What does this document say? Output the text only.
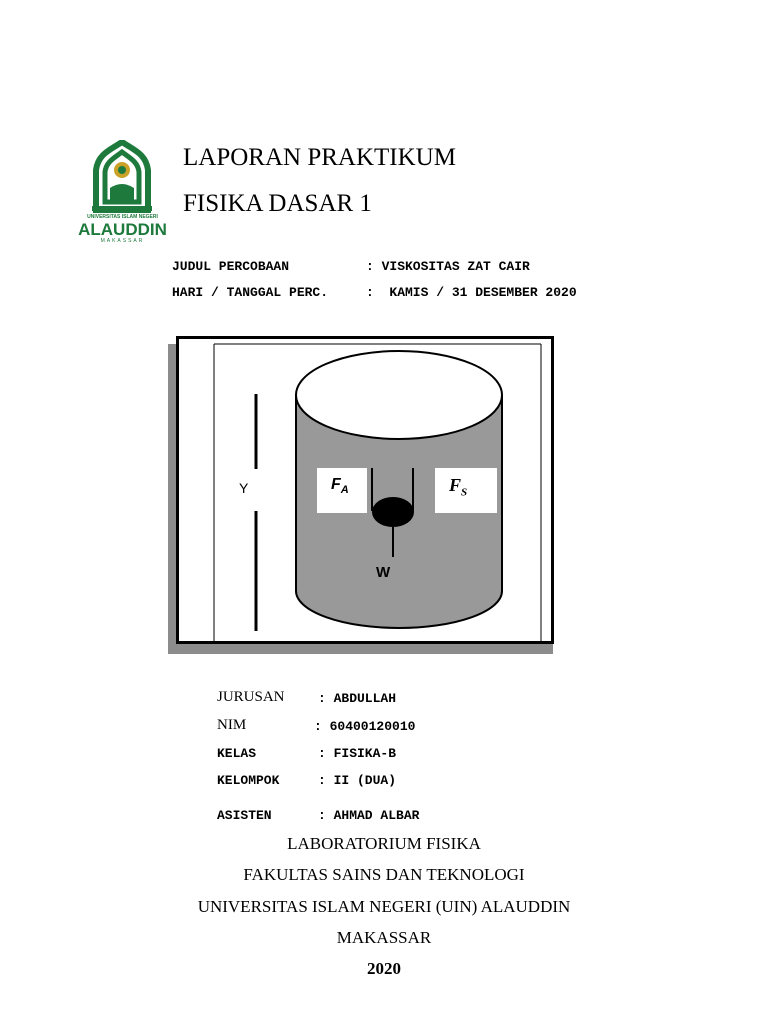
UNIVERSITAS ISLAM NEGERI
ALAUDDIN
MAKASSAR
LAPORAN PRAKTIKUM
FISIKA DASAR 1
JUDUL PERCOBAAN : VISKOSITAS ZAT CAIR
HARI / TANGGAL PERC. :  KAMIS / 31 DESEMBER 2020
Y	$F_A$	$F_S$
W
JURUSAN	: ABDULLAH
NIM	: 60400120010
KELAS	: FISIKA-B
KELOMPOK	: II (DUA)
ASISTEN	: AHMAD ALBAR
LABORATORIUM FISIKA
FAKULTAS SAINS DAN TEKNOLOGI
UNIVERSITAS ISLAM NEGERI (UIN) ALAUDDIN
MAKASSAR
2020
